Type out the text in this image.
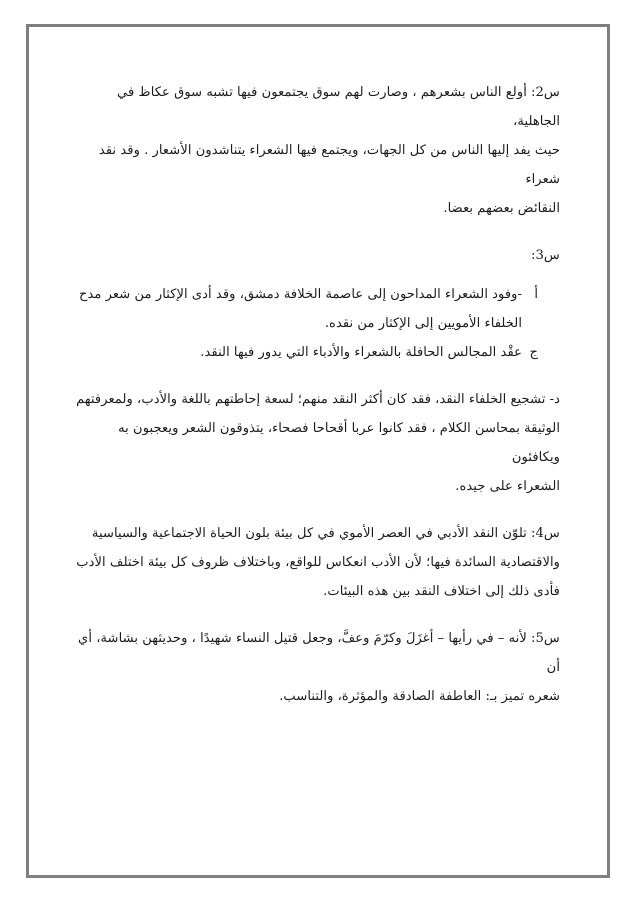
س2: أولع الناس بشعرهم ، وصارت لهم سوق يجتمعون فيها تشبه سوق عكاظ في الجاهلية،

حيث يفد إليها الناس من كل الجهات، ويجتمع فيها الشعراء يتناشدون الأشعار . وقد نقد شعراء

النقائض بعضهم بعضا.

س3:

أ-وفود الشعراء المداحون إلى عاصمة الخلافة دمشق، وقد أدى الإكثار من شعر مدح

الخلفاء الأمويين إلى الإكثار من نقده.

جعقْد المجالس الحافلة بالشعراء والأدباء التي يدور فيها النقد.

د- تشجيع الخلفاء النقد، فقد كان أكثر النقد منهم؛ لسعة إحاطتهم باللغة والأدب، ولمعرفتهم

الوثيقة بمحاسن الكلام ، فقد كانوا عربا أقحاحا فصحاء، يتذوقون الشعر ويعجبون به ويكافئون

الشعراء على جيده.

س4: تلوّن النقد الأدبي في العصر الأموي في كل بيئة بلون الحياة الاجتماعية والسياسية

والاقتصادية السائدة فيها؛ لأن الأدب انعكاس للواقع، وباختلاف ظروف كل بيئة اختلف الأدب

فأدى ذلك إلى اختلاف النقد بين هذه البيئات.

س5: لأنه – في رأيها – أغزَلَ وكرّمَ وعفَّ، وجعل قتيل النساء شهيدًا ، وحديثهن بشاشة، أي أن

شعره تميز بـ: العاطفة الصادقة والمؤثرة، والتناسب.
